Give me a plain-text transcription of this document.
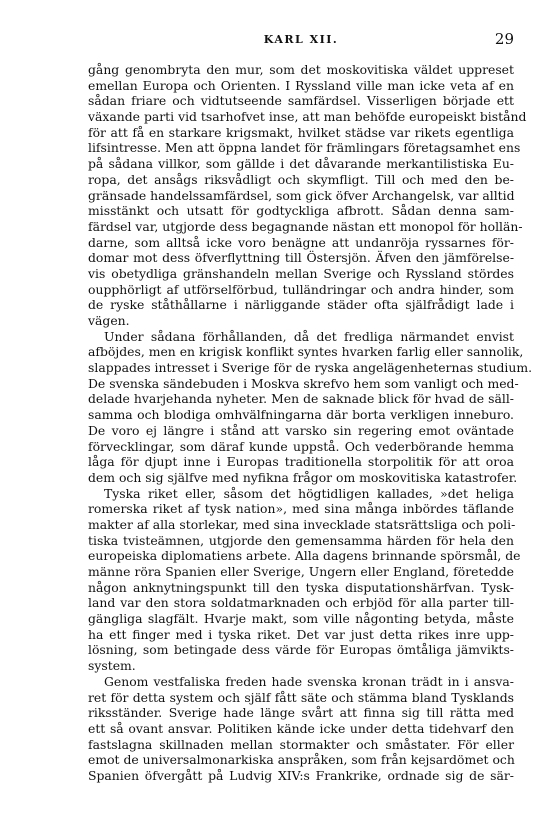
KARL XII.	29
gång genombryta den mur, som det moskovitiska väldet uppreset
emellan Europa och Orienten. I Ryssland ville man icke veta af en
sådan friare och vidtutseende samfärdsel. Visserligen började ett
växande parti vid tsarhofvet inse, att man behöfde europeiskt bistånd
för att få en starkare krigsmakt, hvilket städse var rikets egentliga
lifsintresse. Men att öppna landet för främlingars företagsamhet ens
på sådana villkor, som gällde i det dåvarande merkantilistiska Eu-
ropa, det ansågs riksvådligt och skymfligt. Till och med den be-
gränsade handelssamfärdsel, som gick öfver Archangelsk, var alltid
misstänkt och utsatt för godtyckliga afbrott. Sådan denna sam-
färdsel var, utgjorde dess begagnande nästan ett monopol för hollän-
darne, som alltså icke voro benägne att undanröja ryssarnes för-
domar mot dess öfverflyttning till Östersjön. Äfven den jämförelse-
vis obetydliga gränshandeln mellan Sverige och Ryssland stördes
oupphörligt af utförselförbud, tulländringar och andra hinder, som
de ryske ståthållarne i närliggande städer ofta själfrådigt lade i
vägen.
Under sådana förhållanden, då det fredliga närmandet envist
afböjdes, men en krigisk konflikt syntes hvarken farlig eller sannolik,
slappades intresset i Sverige för de ryska angelägenheternas studium.
De svenska sändebuden i Moskva skrefvo hem som vanligt och med-
delade hvarjehanda nyheter. Men de saknade blick för hvad de säll-
samma och blodiga omhvälfningarna där borta verkligen inneburo.
De voro ej längre i stånd att varsko sin regering emot oväntade
förvecklingar, som däraf kunde uppstå. Och vederbörande hemma
låga för djupt inne i Europas traditionella storpolitik för att oroa
dem och sig själfve med nyfikna frågor om moskovitiska katastrofer.
Tyska riket eller, såsom det högtidligen kallades, »det heliga
romerska riket af tysk nation», med sina många inbördes täflande
makter af alla storlekar, med sina invecklade statsrättsliga och poli-
tiska tvisteämnen, utgjorde den gemensamma härden för hela den
europeiska diplomatiens arbete. Alla dagens brinnande spörsmål, de
männe röra Spanien eller Sverige, Ungern eller England, företedde
någon anknytningspunkt till den tyska disputationshärfvan. Tysk-
land var den stora soldatmarknaden och erbjöd för alla parter till-
gängliga slagfält. Hvarje makt, som ville någonting betyda, måste
ha ett finger med i tyska riket. Det var just detta rikes inre upp-
lösning, som betingade dess värde för Europas ömtåliga jämvikts-
system.
Genom vestfaliska freden hade svenska kronan trädt in i ansva-
ret för detta system och själf fått säte och stämma bland Tysklands
riksständer. Sverige hade länge svårt att finna sig till rätta med
ett så ovant ansvar. Politiken kände icke under detta tidehvarf den
fastslagna skillnaden mellan stormakter och småstater. För eller
emot de universalmonarkiska anspråken, som från kejsardömet och
Spanien öfvergått på Ludvig XIV:s Frankrike, ordnade sig de sär-
